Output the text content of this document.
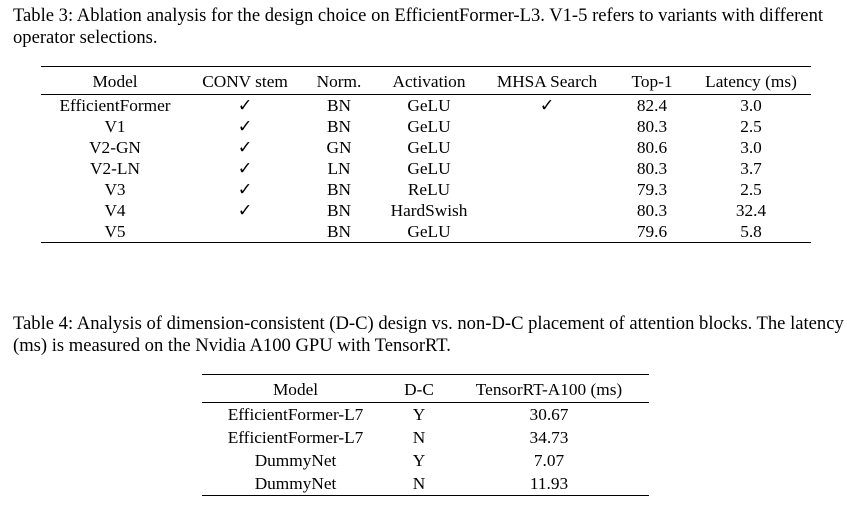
Table 3: Ablation analysis for the design choice on EfficientFormer-L3. V1-5 refers to variants with different operator selections.

Model	CONV stem	Norm.	Activation	MHSA Search	Top-1	Latency (ms)
EfficientFormer	✓	BN	GeLU	✓	82.4	3.0
V1	✓	BN	GeLU		80.3	2.5
V2-GN	✓	GN	GeLU		80.6	3.0
V2-LN	✓	LN	GeLU		80.3	3.7
V3	✓	BN	ReLU		79.3	2.5
V4	✓	BN	HardSwish		80.3	32.4
V5		BN	GeLU		79.6	5.8

Table 4: Analysis of dimension-consistent (D-C) design vs. non-D-C placement of attention blocks. The latency (ms) is measured on the Nvidia A100 GPU with TensorRT.

Model	D-C	TensorRT-A100 (ms)
EfficientFormer-L7	Y	30.67
EfficientFormer-L7	N	34.73
DummyNet	Y	7.07
DummyNet	N	11.93
